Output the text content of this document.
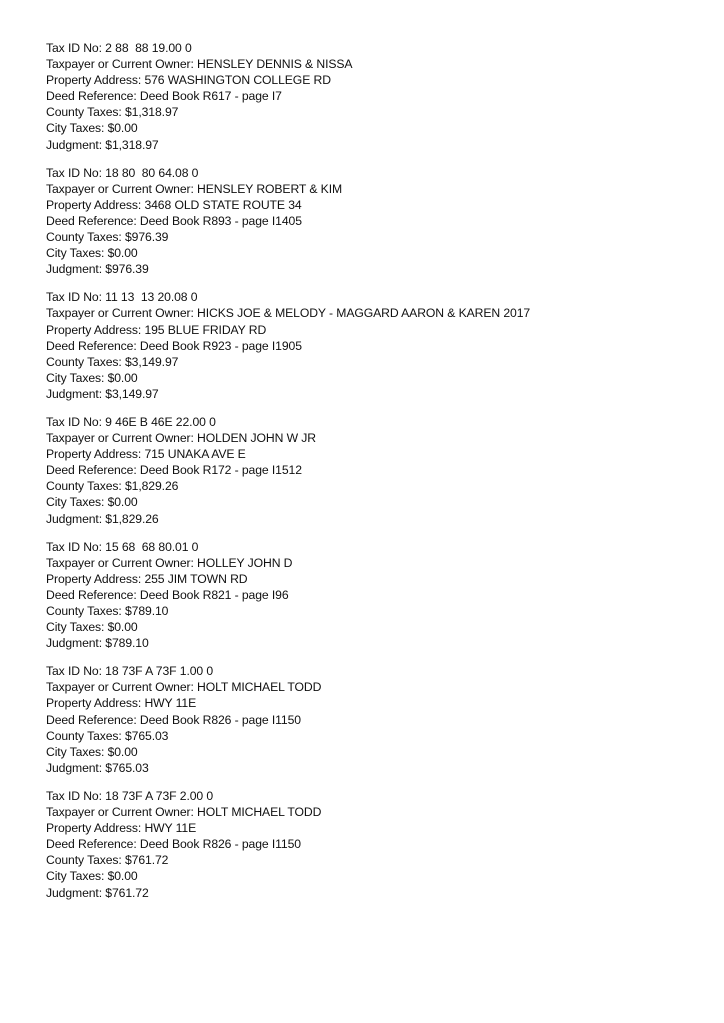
Tax ID No: 2 88  88 19.00 0
Taxpayer or Current Owner: HENSLEY DENNIS & NISSA
Property Address: 576 WASHINGTON COLLEGE RD
Deed Reference: Deed Book R617 - page I7
County Taxes: $1,318.97
City Taxes: $0.00
Judgment: $1,318.97
Tax ID No: 18 80  80 64.08 0
Taxpayer or Current Owner: HENSLEY ROBERT & KIM
Property Address: 3468 OLD STATE ROUTE 34
Deed Reference: Deed Book R893 - page I1405
County Taxes: $976.39
City Taxes: $0.00
Judgment: $976.39
Tax ID No: 11 13  13 20.08 0
Taxpayer or Current Owner: HICKS JOE & MELODY - MAGGARD AARON & KAREN 2017
Property Address: 195 BLUE FRIDAY RD
Deed Reference: Deed Book R923 - page I1905
County Taxes: $3,149.97
City Taxes: $0.00
Judgment: $3,149.97
Tax ID No: 9 46E B 46E 22.00 0
Taxpayer or Current Owner: HOLDEN JOHN W JR
Property Address: 715 UNAKA AVE E
Deed Reference: Deed Book R172 - page I1512
County Taxes: $1,829.26
City Taxes: $0.00
Judgment: $1,829.26
Tax ID No: 15 68  68 80.01 0
Taxpayer or Current Owner: HOLLEY JOHN D
Property Address: 255 JIM TOWN RD
Deed Reference: Deed Book R821 - page I96
County Taxes: $789.10
City Taxes: $0.00
Judgment: $789.10
Tax ID No: 18 73F A 73F 1.00 0
Taxpayer or Current Owner: HOLT MICHAEL TODD
Property Address: HWY 11E
Deed Reference: Deed Book R826 - page I1150
County Taxes: $765.03
City Taxes: $0.00
Judgment: $765.03
Tax ID No: 18 73F A 73F 2.00 0
Taxpayer or Current Owner: HOLT MICHAEL TODD
Property Address: HWY 11E
Deed Reference: Deed Book R826 - page I1150
County Taxes: $761.72
City Taxes: $0.00
Judgment: $761.72
